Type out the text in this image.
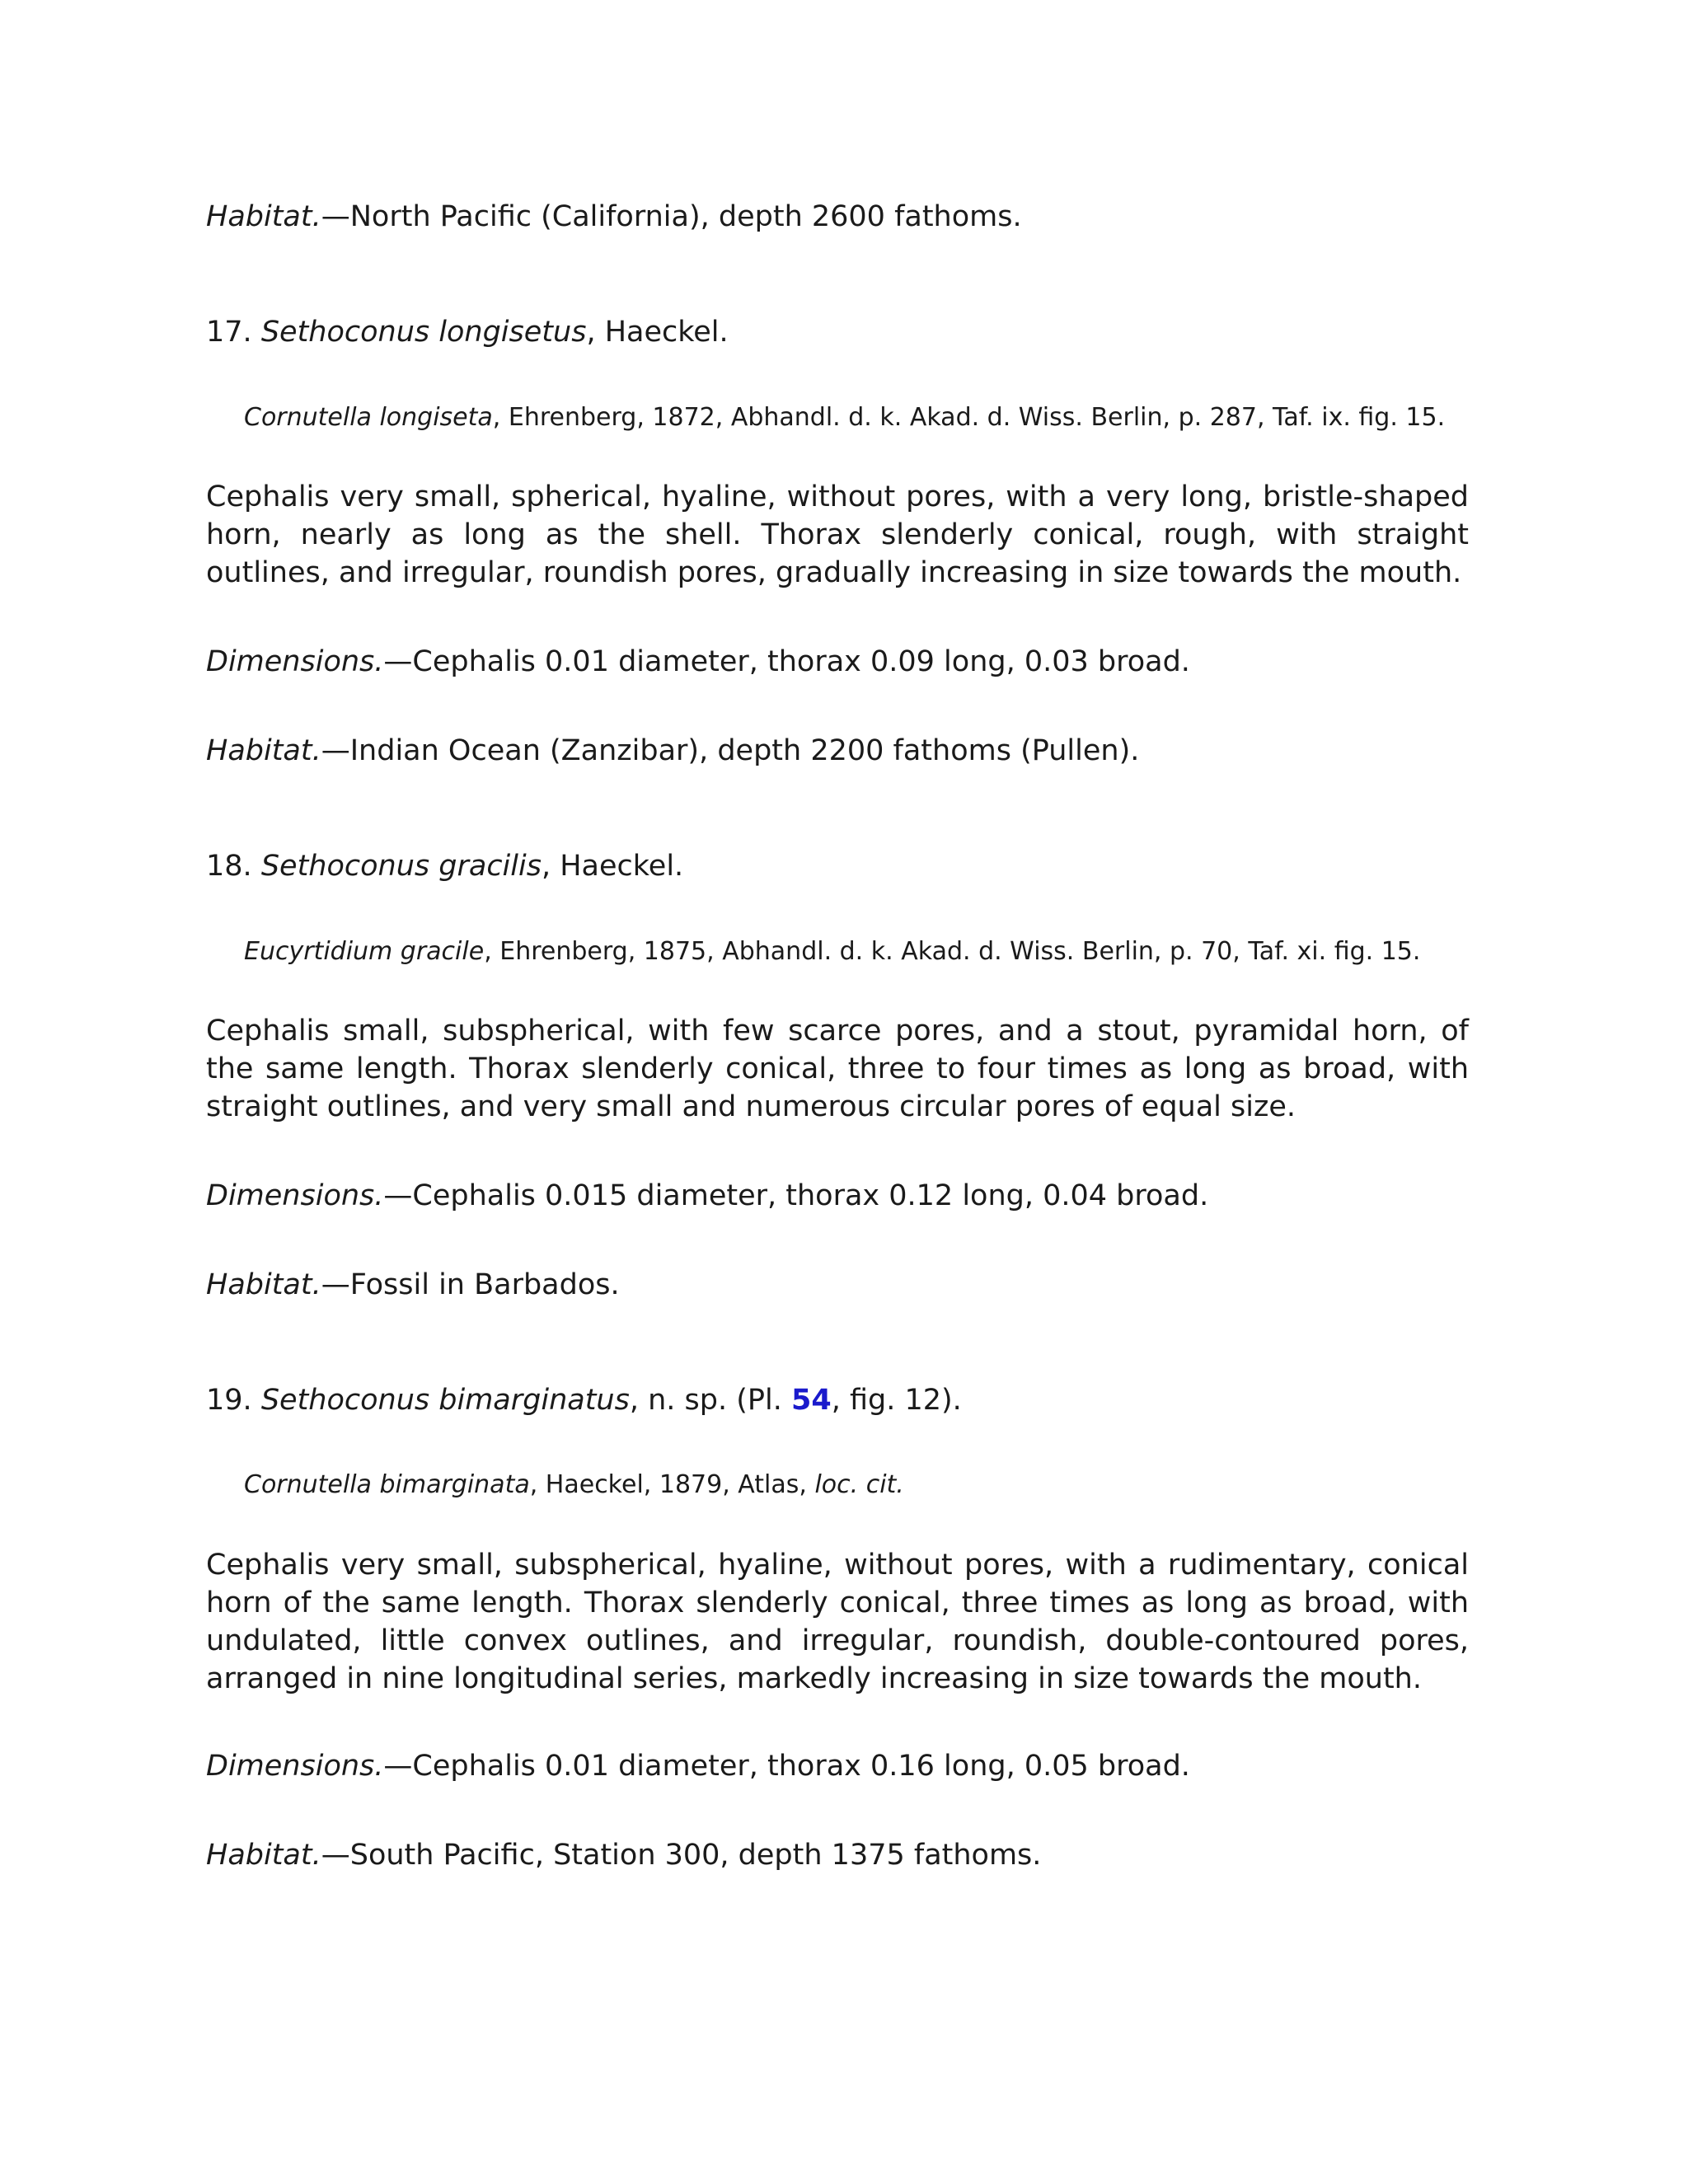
Habitat.—North Pacific (California), depth 2600 fathoms.
17. Sethoconus longisetus, Haeckel.
Cornutella longiseta, Ehrenberg, 1872, Abhandl. d. k. Akad. d. Wiss. Berlin, p. 287, Taf. ix. fig. 15.
Cephalis very small, spherical, hyaline, without pores, with a very long, bristle-shaped horn, nearly as long as the shell. Thorax slenderly conical, rough, with straight outlines, and irregular, roundish pores, gradually increasing in size towards the mouth.
Dimensions.—Cephalis 0.01 diameter, thorax 0.09 long, 0.03 broad.
Habitat.—Indian Ocean (Zanzibar), depth 2200 fathoms (Pullen).
18. Sethoconus gracilis, Haeckel.
Eucyrtidium gracile, Ehrenberg, 1875, Abhandl. d. k. Akad. d. Wiss. Berlin, p. 70, Taf. xi. fig. 15.
Cephalis small, subspherical, with few scarce pores, and a stout, pyramidal horn, of the same length. Thorax slenderly conical, three to four times as long as broad, with straight outlines, and very small and numerous circular pores of equal size.
Dimensions.—Cephalis 0.015 diameter, thorax 0.12 long, 0.04 broad.
Habitat.—Fossil in Barbados.
19. Sethoconus bimarginatus, n. sp. (Pl. 54, fig. 12).
Cornutella bimarginata, Haeckel, 1879, Atlas, loc. cit.
Cephalis very small, subspherical, hyaline, without pores, with a rudimentary, conical horn of the same length. Thorax slenderly conical, three times as long as broad, with undulated, little convex outlines, and irregular, roundish, double-contoured pores, arranged in nine longitudinal series, markedly increasing in size towards the mouth.
Dimensions.—Cephalis 0.01 diameter, thorax 0.16 long, 0.05 broad.
Habitat.—South Pacific, Station 300, depth 1375 fathoms.
